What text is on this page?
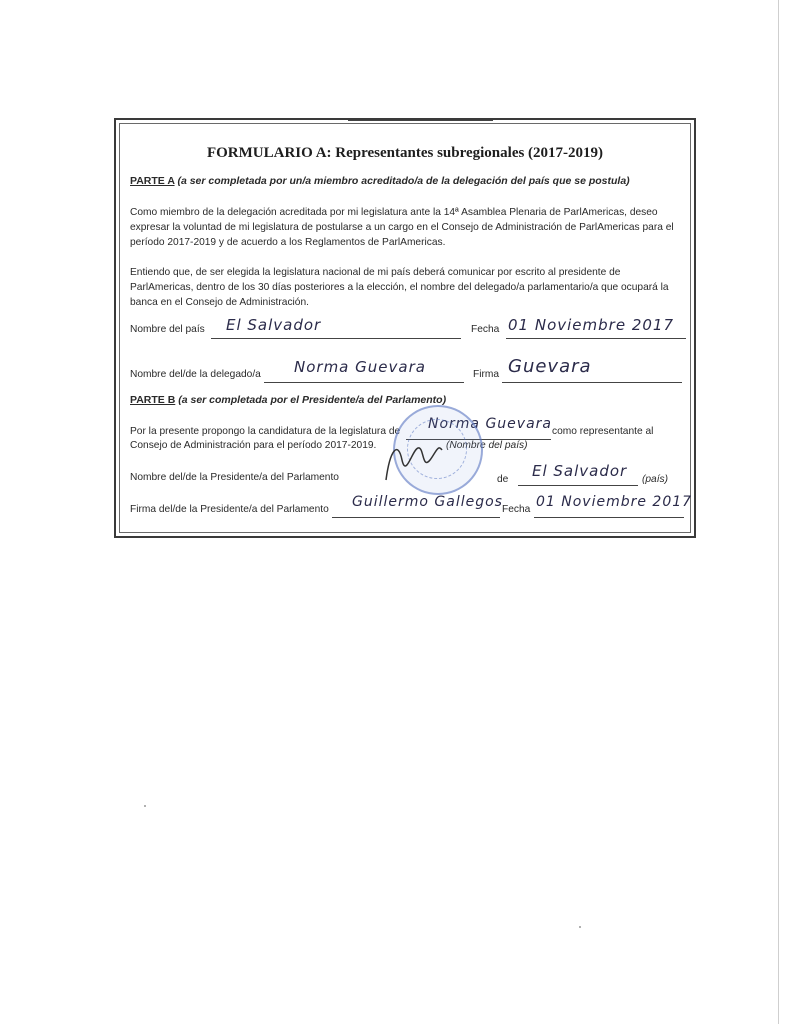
FORMULARIO A: Representantes subregionales (2017-2019)
PARTE A (a ser completada por un/a miembro acreditado/a de la delegación del país que se postula)
Como miembro de la delegación acreditada por mi legislatura ante la 14ª Asamblea Plenaria de ParlAmericas, deseo expresar la voluntad de mi legislatura de postularse a un cargo en el Consejo de Administración de ParlAmericas para el período 2017-2019 y de acuerdo a los Reglamentos de ParlAmericas.
Entiendo que, de ser elegida la legislatura nacional de mi país deberá comunicar por escrito al presidente de ParlAmericas, dentro de los 30 días posteriores a la elección, el nombre del delegado/a parlamentario/a que ocupará la banca en el Consejo de Administración.
Nombre del país El Salvador	Fecha 01 Noviembre 2017
Nombre del/de la delegado/a Norma Guevara	Firma Guevara
PARTE B (a ser completada por el Presidente/a del Parlamento)
Por la presente propongo la candidatura de la legislatura de Norma Guevara como representante al
Consejo de Administración para el período 2017-2019.	(Nombre del país)
Nombre del/de la Presidente/a del Parlamento	de El Salvador (país)
Firma del/de la Presidente/a del Parlamento Guillermo Gallegos Fecha 01 Noviembre 2017
